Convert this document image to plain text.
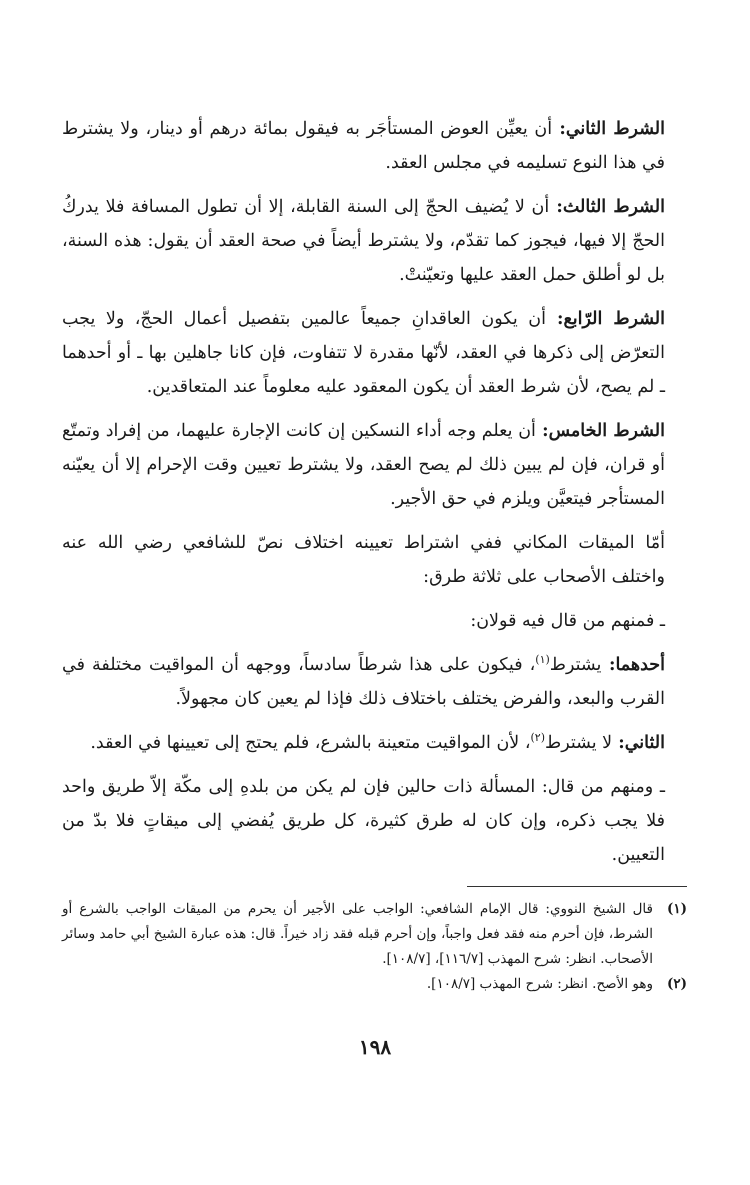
الشرط الثاني: أن يعيِّن العوض المستأجَر به فيقول بمائة درهم أو دينار، ولا يشترط في هذا النوع تسليمه في مجلس العقد.

الشرط الثالث: أن لا يُضيف الحجّ إلى السنة القابلة، إلا أن تطول المسافة فلا يدركُ الحجّ إلا فيها، فيجوز كما تقدّم، ولا يشترط أيضاً في صحة العقد أن يقول: هذه السنة، بل لو أطلق حمل العقد عليها وتعيّنتْ.

الشرط الرّابع: أن يكون العاقدانِ جميعاً عالمين بتفصيل أعمال الحجّ، ولا يجب التعرّض إلى ذكرها في العقد، لأنّها مقدرة لا تتفاوت، فإن كانا جاهلين بها ـ أو أحدهما ـ لم يصح، لأن شرط العقد أن يكون المعقود عليه معلوماً عند المتعاقدين.

الشرط الخامس: أن يعلم وجه أداء النسكين إن كانت الإجارة عليهما، من إفراد وتمتّع أو قران، فإن لم يبين ذلك لم يصح العقد، ولا يشترط تعيين وقت الإحرام إلا أن يعيّنه المستأجر فيتعيَّن ويلزم في حق الأجير.

أمّا الميقات المكاني ففي اشتراط تعيينه اختلاف نصّ للشافعي رضي الله عنه واختلف الأصحاب على ثلاثة طرق:

ـ فمنهم من قال فيه قولان:

أحدهما: يشترط$^{(١)}$، فيكون على هذا شرطاً سادساً، ووجهه أن المواقيت مختلفة في القرب والبعد، والفرض يختلف باختلاف ذلك فإذا لم يعين كان مجهولاً.

الثاني: لا يشترط$^{(٢)}$، لأن المواقيت متعينة بالشرع، فلم يحتج إلى تعيينها في العقد.

ـ ومنهم من قال: المسألة ذات حالين فإن لم يكن من بلدهِ إلى مكّة إلاّ طريق واحد فلا يجب ذكره، وإن كان له طرق كثيرة، كل طريق يُفضي إلى ميقاتٍ فلا بدّ من التعيين.

(١)
قال الشيخ النووي: قال الإمام الشافعي: الواجب على الأجير أن يحرم من الميقات الواجب بالشرع أو الشرط، فإن أحرم منه فقد فعل واجباً، وإن أحرم قبله فقد زاد خيراً. قال: هذه عبارة الشيخ أبي حامد وسائر الأصحاب. انظر: شرح المهذب [١١٦/٧]، [١٠٨/٧].

(٢)
وهو الأصح. انظر: شرح المهذب [١٠٨/٧].

١٩٨
